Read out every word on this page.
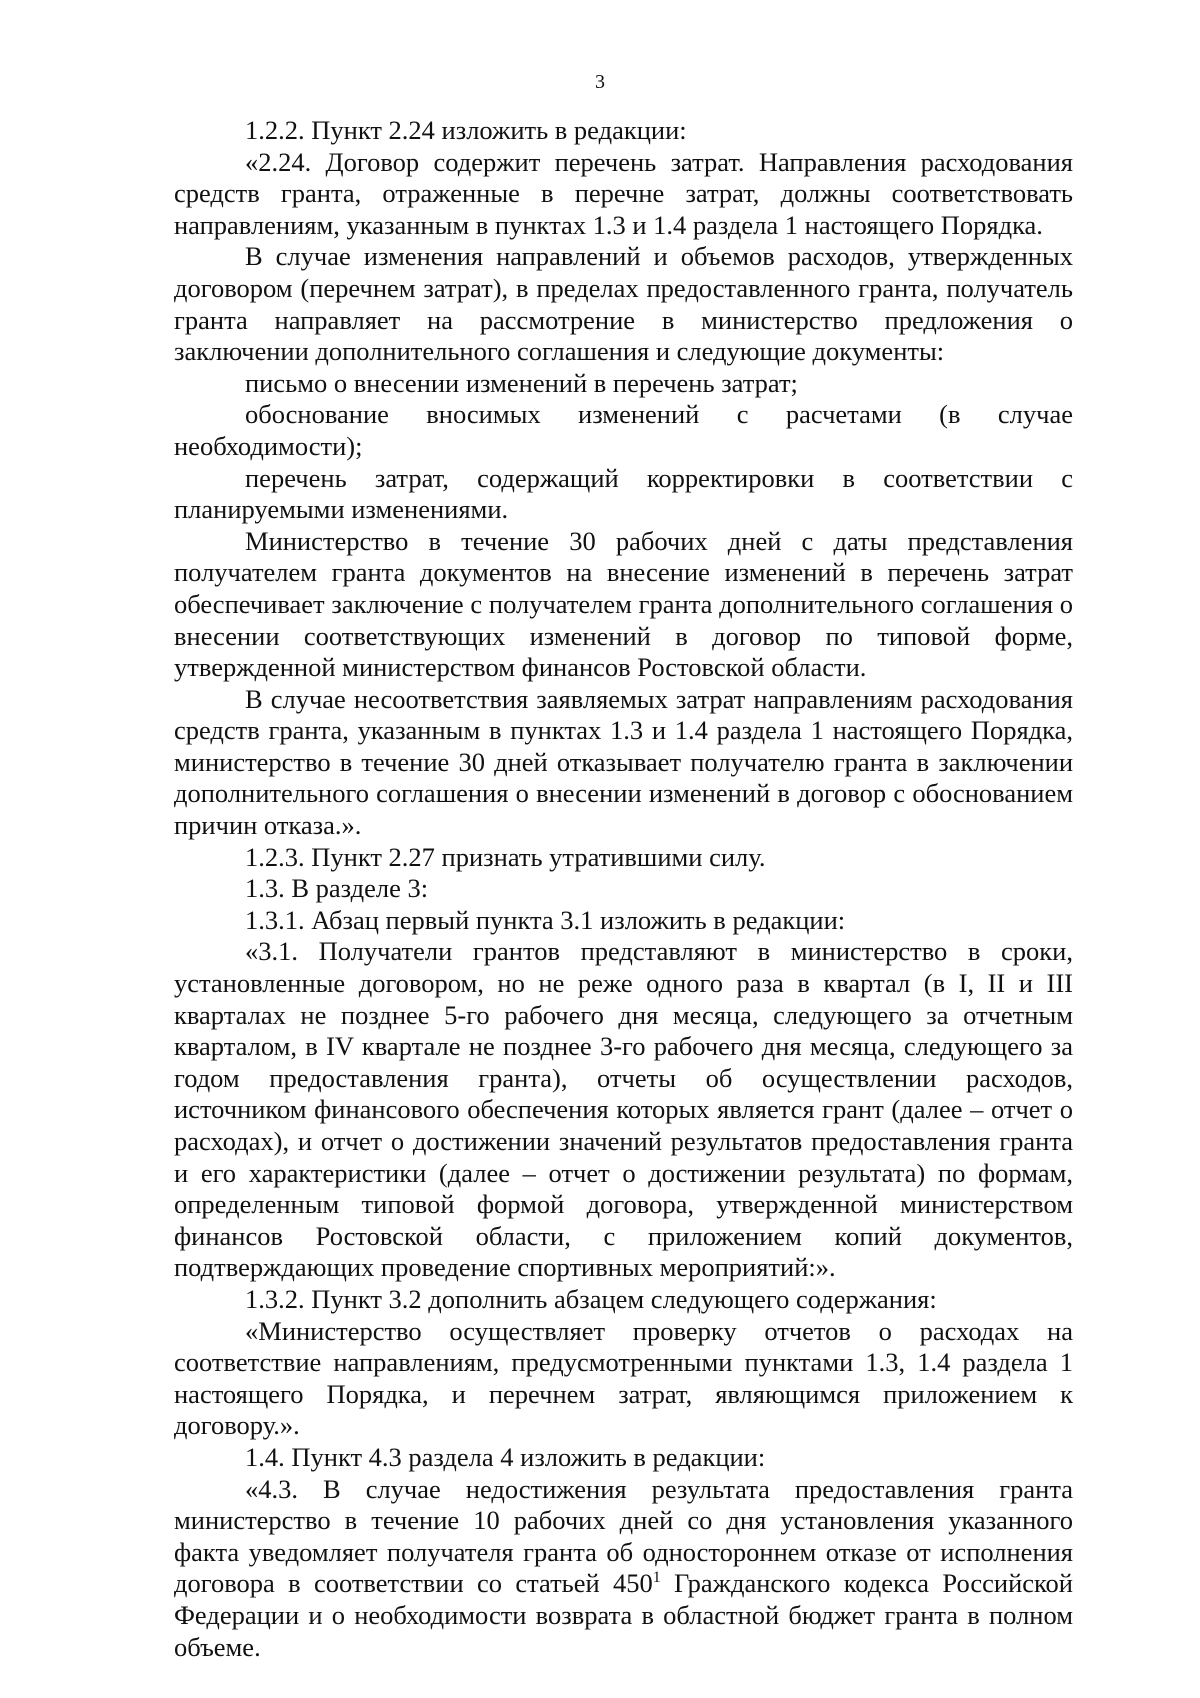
3

1.2.2. Пункт 2.24 изложить в редакции:

«2.24. Договор содержит перечень затрат. Направления расходования средств гранта, отраженные в перечне затрат, должны соответствовать направлениям, указанным в пунктах 1.3 и 1.4 раздела 1 настоящего Порядка.

В случае изменения направлений и объемов расходов, утвержденных договором (перечнем затрат), в пределах предоставленного гранта, получатель гранта направляет на рассмотрение в министерство предложения о заключении дополнительного соглашения и следующие документы:

письмо о внесении изменений в перечень затрат;

обоснование вносимых изменений с расчетами (в случае необходимости);

перечень затрат, содержащий корректировки в соответствии с планируемыми изменениями.

Министерство в течение 30 рабочих дней с даты представления получателем гранта документов на внесение изменений в перечень затрат обеспечивает заключение с получателем гранта дополнительного соглашения о внесении соответствующих изменений в договор по типовой форме, утвержденной министерством финансов Ростовской области.

В случае несоответствия заявляемых затрат направлениям расходования средств гранта, указанным в пунктах 1.3 и 1.4 раздела 1 настоящего Порядка, министерство в течение 30 дней отказывает получателю гранта в заключении дополнительного соглашения о внесении изменений в договор с обоснованием причин отказа.».

1.2.3. Пункт 2.27 признать утратившими силу.

1.3. В разделе 3:

1.3.1. Абзац первый пункта 3.1 изложить в редакции:

«3.1. Получатели грантов представляют в министерство в сроки, установленные договором, но не реже одного раза в квартал (в I, II и III кварталах не позднее 5-го рабочего дня месяца, следующего за отчетным кварталом, в IV квартале не позднее 3-го рабочего дня месяца, следующего за годом предоставления гранта), отчеты об осуществлении расходов, источником финансового обеспечения которых является грант (далее – отчет о расходах), и отчет о достижении значений результатов предоставления гранта и его характеристики (далее – отчет о достижении результата) по формам, определенным типовой формой договора, утвержденной министерством финансов Ростовской области, с приложением копий документов, подтверждающих проведение спортивных мероприятий:».

1.3.2. Пункт 3.2 дополнить абзацем следующего содержания:

«Министерство осуществляет проверку отчетов о расходах на соответствие направлениям, предусмотренными пунктами 1.3, 1.4 раздела 1 настоящего Порядка, и перечнем затрат, являющимся приложением к договору.».

1.4. Пункт 4.3 раздела 4 изложить в редакции:

«4.3. В случае недостижения результата предоставления гранта министерство в течение 10 рабочих дней со дня установления указанного факта уведомляет получателя гранта об одностороннем отказе от исполнения договора в соответствии со статьей $450^1$ Гражданского кодекса Российской Федерации и о необходимости возврата в областной бюджет гранта в полном объеме.
